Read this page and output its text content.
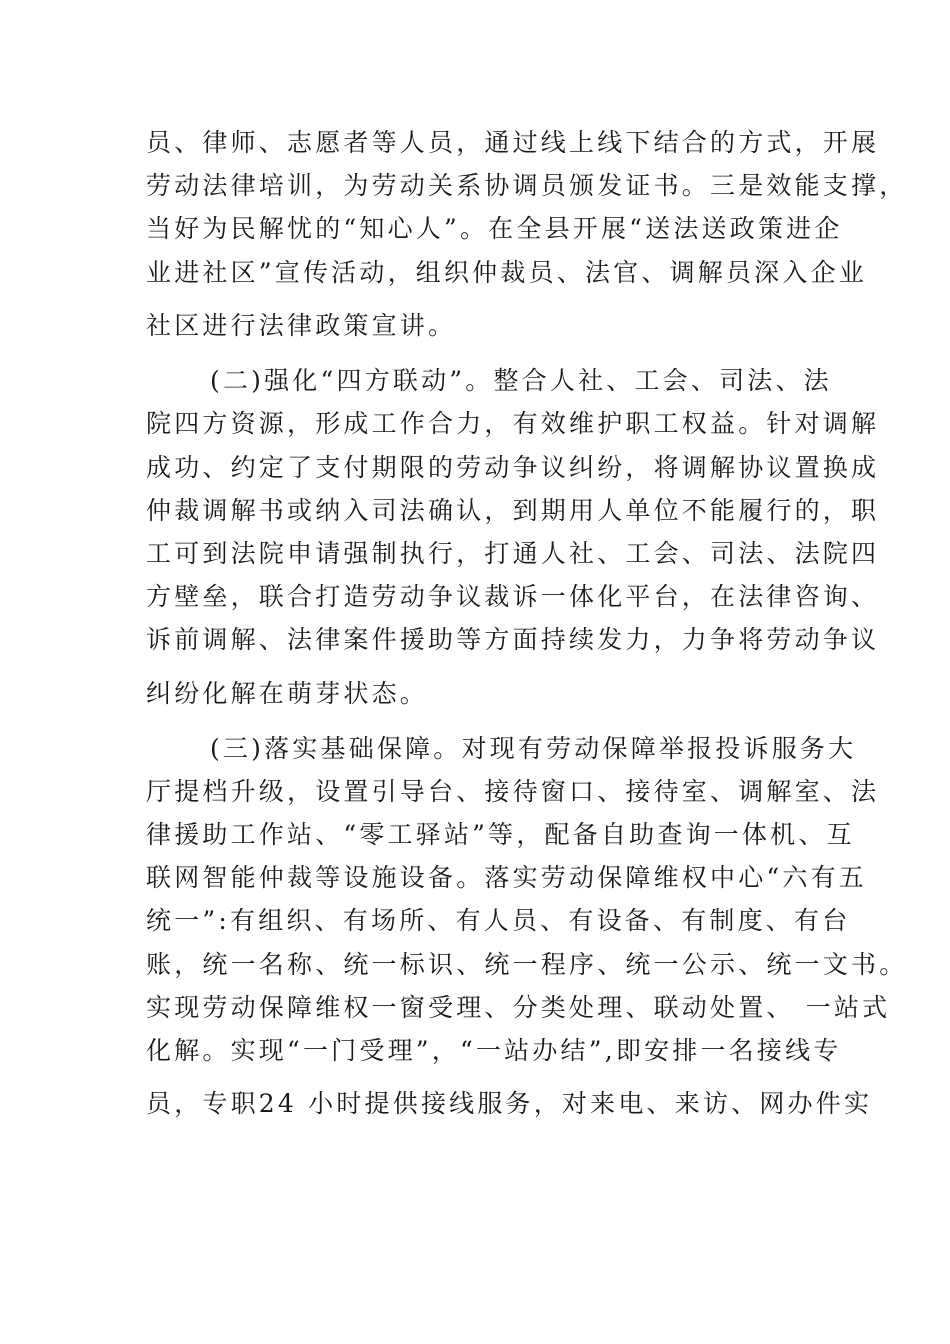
员、律师、志愿者等人员，通过线上线下结合的方式，开展
劳动法律培训，为劳动关系协调员颁发证书。三是效能支撑，
当好为民解忧的“知心人”。在全县开展“送法送政策进企
业进社区”宣传活动，组织仲裁员、法官、调解员深入企业
社区进行法律政策宣讲。
(二)强化“四方联动”。整合人社、工会、司法、法
院四方资源，形成工作合力，有效维护职工权益。针对调解
成功、约定了支付期限的劳动争议纠纷，将调解协议置换成
仲裁调解书或纳入司法确认，到期用人单位不能履行的，职
工可到法院申请强制执行，打通人社、工会、司法、法院四
方壁垒，联合打造劳动争议裁诉一体化平台，在法律咨询、
诉前调解、法律案件援助等方面持续发力，力争将劳动争议
纠纷化解在萌芽状态。
(三)落实基础保障。对现有劳动保障举报投诉服务大
厅提档升级，设置引导台、接待窗口、接待室、调解室、法
律援助工作站、“零工驿站”等，配备自助查询一体机、互
联网智能仲裁等设施设备。落实劳动保障维权中心“六有五
统一”:有组织、有场所、有人员、有设备、有制度、有台
账，统一名称、统一标识、统一程序、统一公示、统一文书。
实现劳动保障维权一窗受理、分类处理、联动处置、 一站式
化解。实现“一门受理”，“一站办结”,即安排一名接线专
员，专职24 小时提供接线服务，对来电、来访、网办件实
